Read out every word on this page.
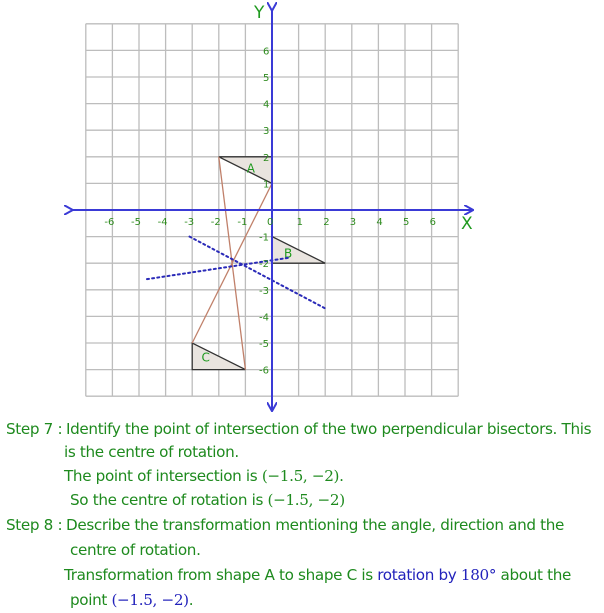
A
B
C
-6 -5 -4 -3 -2 -1 0 1 2 3 4 5 6
6
5
4
3
2
1
-1
-2
-3
-4
-5
-6
X
Y
Step 7 : Identify the point of intersection of the two perpendicular bisectors. This
is the centre of rotation.
The point of intersection is (−1.5, −2).
So the centre of rotation is (−1.5, −2)
Step 8 : Describe the transformation mentioning the angle, direction and the
centre of rotation.
Transformation from shape A to shape C is rotation by 180° about the
point (−1.5, −2).
